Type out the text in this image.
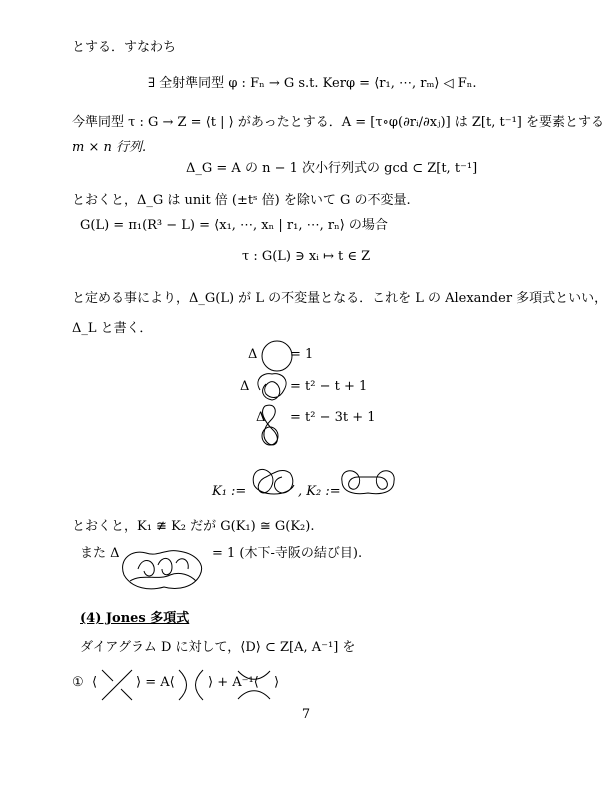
とする．すなわち
∃ 全射準同型 φ : Fₙ → G s.t. Kerφ = ⟨r₁, ⋯, rₘ⟩ ◁ Fₙ.
今準同型 τ : G → Z = ⟨t | ⟩ があったとする．A = [τ∘φ(∂rᵢ/∂xⱼ)] は Z[t, t⁻¹] を要素とする
m × n 行列.
Δ_G = A の n − 1 次小行列式の gcd ⊂ Z[t, t⁻¹]
とおくと，Δ_G は unit 倍 (±tˢ 倍) を除いて G の不変量.
G(L) = π₁(R³ − L) = ⟨x₁, ⋯, xₙ | r₁, ⋯, rₙ⟩ の場合
τ : G(L) ∋ xᵢ ↦ t ∈ Z
と定める事により，Δ_G(L) が L の不変量となる．これを L の Alexander 多項式といい，
Δ_L と書く．
Δ	= 1
Δ	= t² − t + 1
Δ = t² − 3t + 1
K₁ :=	, K₂ :=
とおくと，K₁ ≇ K₂ だが G(K₁) ≅ G(K₂).
また Δ	= 1 (木下-寺阪の結び目).
(4) Jones 多項式
ダイアグラム D に対して，⟨D⟩ ⊂ Z[A, A⁻¹] を
① ⟨	⟩ = A⟨	⟩ + A⁻¹⟨ ⟩
7
